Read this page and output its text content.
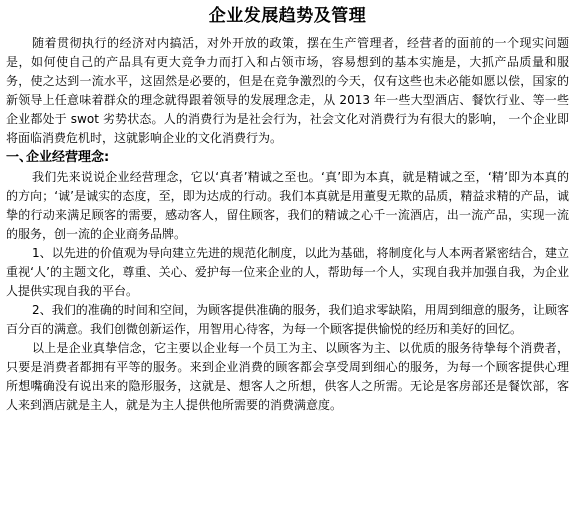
企业发展趋势及管理

随着贯彻执行的经济对内搞活，对外开放的政策，摆在生产管理者，经营者的面前的一个现实问题是，如何使自己的产品具有更大竞争力而打入和占领市场，容易想到的基本实施是，大抓产品质量和服务，使之达到一流水平，这固然是必要的，但是在竞争激烈的今天，仅有这些也未必能如愿以偿，国家的新领导上任意味着群众的理念就得跟着领导的发展理念走，从 2013 年一些大型酒店、餐饮行业、等一些企业都处于 swot 劣势状态。人的消费行为是社会行为，社会文化对消费行为有很大的影响， 一个企业即将面临消费危机时，这就影响企业的文化消费行为。

一、企业经营理念:

我们先来说说企业经营理念，它以‘真者’精诚之至也。‘真’即为本真，就是精诚之至，‘精’即为本真的的方向；‘诚’是诚实的态度，至，即为达成的行动。我们本真就是用董叟无欺的品质，精益求精的产品，诚挚的行动来满足顾客的需要，感动客人，留住顾客，我们的精诚之心千一流酒店，出一流产品，实现一流的服务，创一流的企业商务品牌。

1、以先进的价值观为导向建立先进的规范化制度，以此为基础，将制度化与人本两者紧密结合，建立重视‘人’的主题文化，尊重、关心、爱护每一位来企业的人，帮助每一个人，实现自我并加强自我，为企业人提供实现自我的平台。

2、我们的准确的时间和空间，为顾客提供准确的服务，我们追求零缺陷，用周到细意的服务，让顾客百分百的满意。我们创微创新运作，用智用心待客，为每一个顾客提供愉悦的经历和美好的回忆。

以上是企业真挚信念，它主要以企业每一个员工为主、以顾客为主、以优质的服务待挚每个消费者，只要是消费者都拥有平等的服务。来到企业消费的顾客都会享受周到细心的服务，为每一个顾客提供心理所想嘴确没有说出来的隐形服务，这就是、想客人之所想，供客人之所需。无论是客房部还是餐饮部，客人来到酒店就是主人，就是为主人提供他所需要的消费满意度。
